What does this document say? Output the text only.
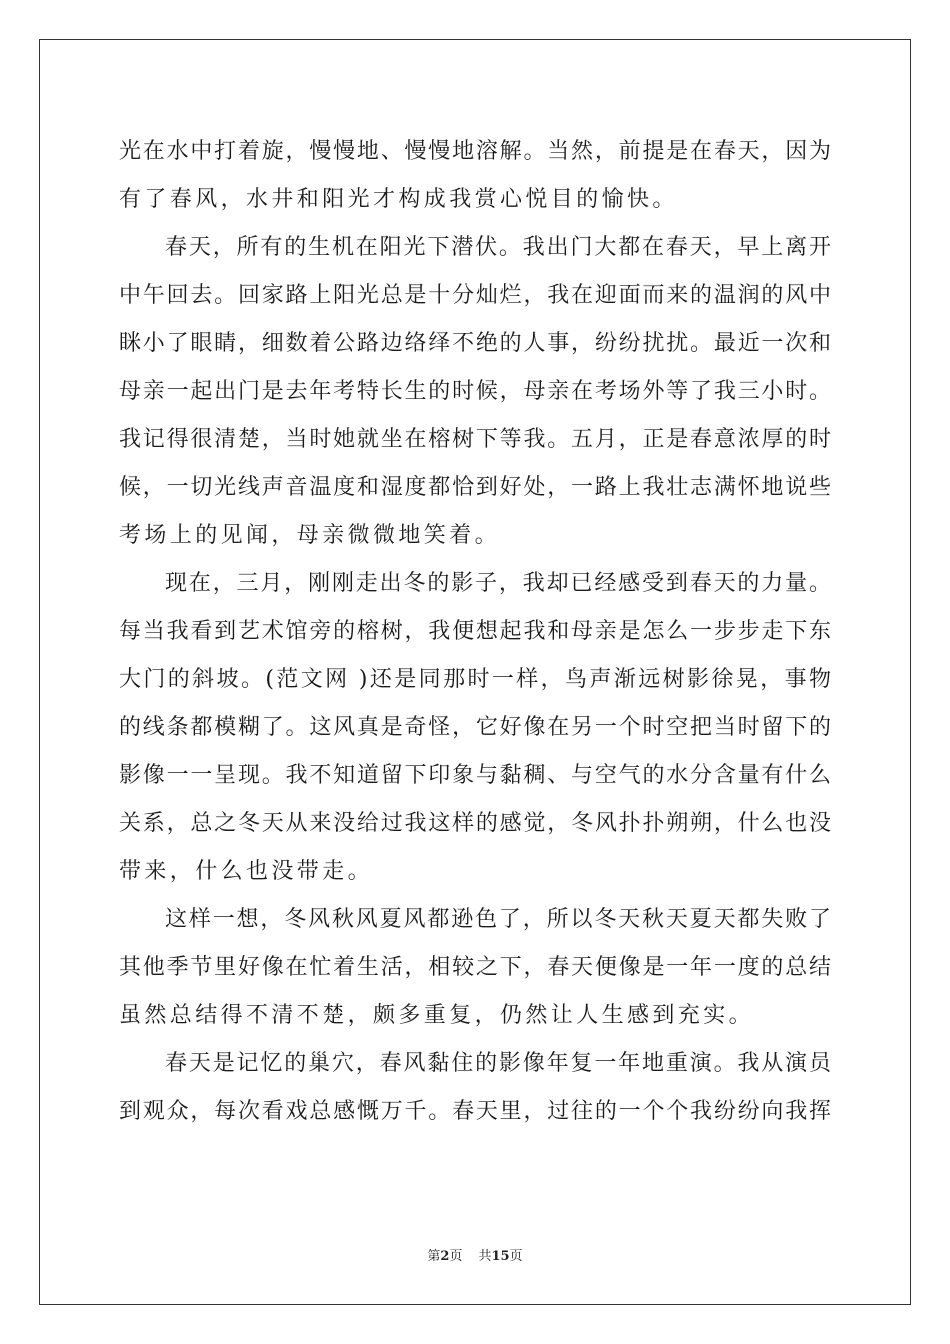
光在水中打着旋，慢慢地、慢慢地溶解。当然，前提是在春天，因为
有了春风，水井和阳光才构成我赏心悦目的愉快。
春天，所有的生机在阳光下潜伏。我出门大都在春天，早上离开
中午回去。回家路上阳光总是十分灿烂，我在迎面而来的温润的风中
眯小了眼睛，细数着公路边络绎不绝的人事，纷纷扰扰。最近一次和
母亲一起出门是去年考特长生的时候，母亲在考场外等了我三小时。
我记得很清楚，当时她就坐在榕树下等我。五月，正是春意浓厚的时
候，一切光线声音温度和湿度都恰到好处，一路上我壮志满怀地说些
考场上的见闻，母亲微微地笑着。
现在，三月，刚刚走出冬的影子，我却已经感受到春天的力量。
每当我看到艺术馆旁的榕树，我便想起我和母亲是怎么一步步走下东
大门的斜坡。(范文网 )还是同那时一样，鸟声渐远树影徐晃，事物
的线条都模糊了。这风真是奇怪，它好像在另一个时空把当时留下的
影像一一呈现。我不知道留下印象与黏稠、与空气的水分含量有什么
关系，总之冬天从来没给过我这样的感觉，冬风扑扑朔朔，什么也没
带来，什么也没带走。
这样一想，冬风秋风夏风都逊色了，所以冬天秋天夏天都失败了
其他季节里好像在忙着生活，相较之下，春天便像是一年一度的总结
虽然总结得不清不楚，颇多重复，仍然让人生感到充实。
春天是记忆的巢穴，春风黏住的影像年复一年地重演。我从演员
到观众，每次看戏总感慨万千。春天里，过往的一个个我纷纷向我挥
第2页 共15页
